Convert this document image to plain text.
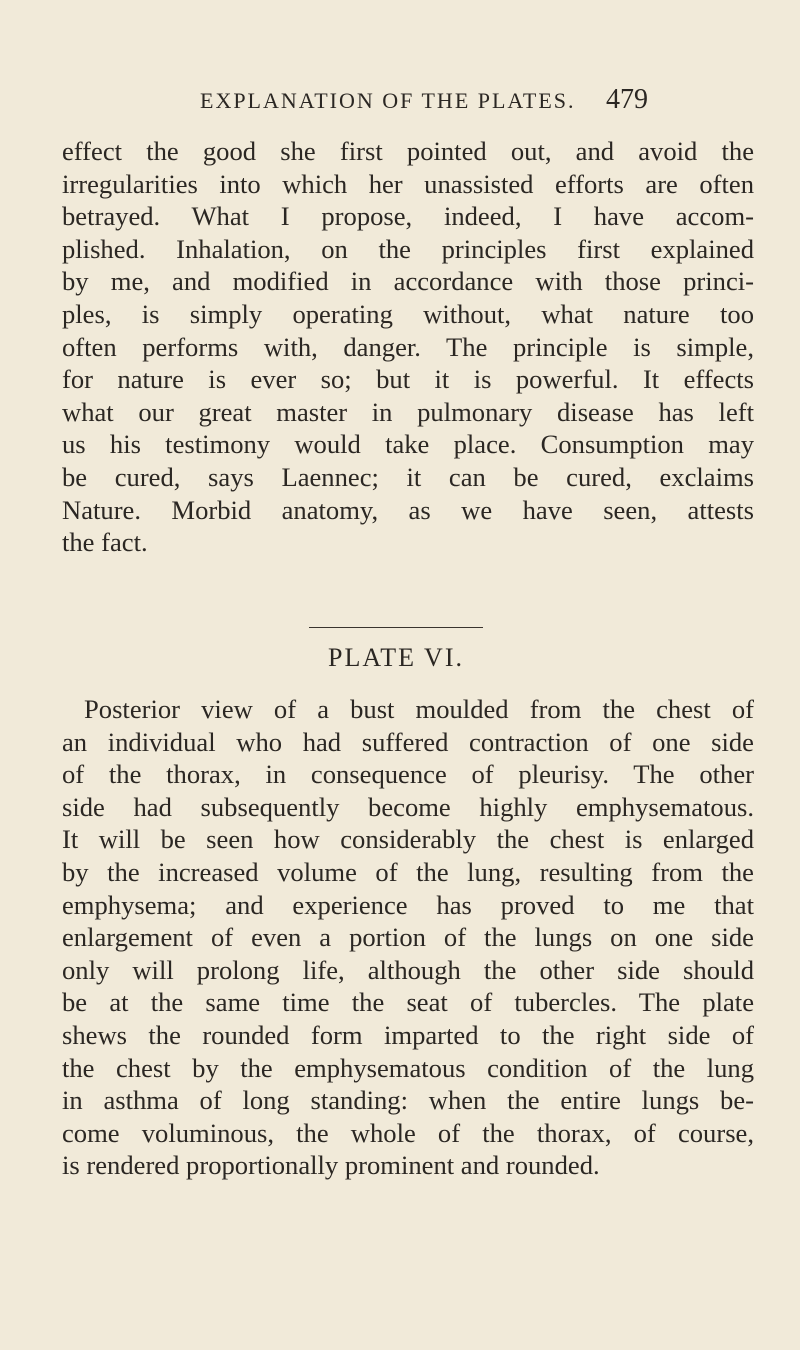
EXPLANATION OF THE PLATES. 479
effect the good she first pointed out, and avoid the
irregularities into which her unassisted efforts are often
betrayed. What I propose, indeed, I have accom-
plished. Inhalation, on the principles first explained
by me, and modified in accordance with those princi-
ples, is simply operating without, what nature too
often performs with, danger. The principle is simple,
for nature is ever so; but it is powerful. It effects
what our great master in pulmonary disease has left
us his testimony would take place. Consumption may
be cured, says Laennec; it can be cured, exclaims
Nature. Morbid anatomy, as we have seen, attests
the fact.
PLATE VI.
Posterior view of a bust moulded from the chest of
an individual who had suffered contraction of one side
of the thorax, in consequence of pleurisy. The other
side had subsequently become highly emphysematous.
It will be seen how considerably the chest is enlarged
by the increased volume of the lung, resulting from the
emphysema; and experience has proved to me that
enlargement of even a portion of the lungs on one side
only will prolong life, although the other side should
be at the same time the seat of tubercles. The plate
shews the rounded form imparted to the right side of
the chest by the emphysematous condition of the lung
in asthma of long standing: when the entire lungs be-
come voluminous, the whole of the thorax, of course,
is rendered proportionally prominent and rounded.
